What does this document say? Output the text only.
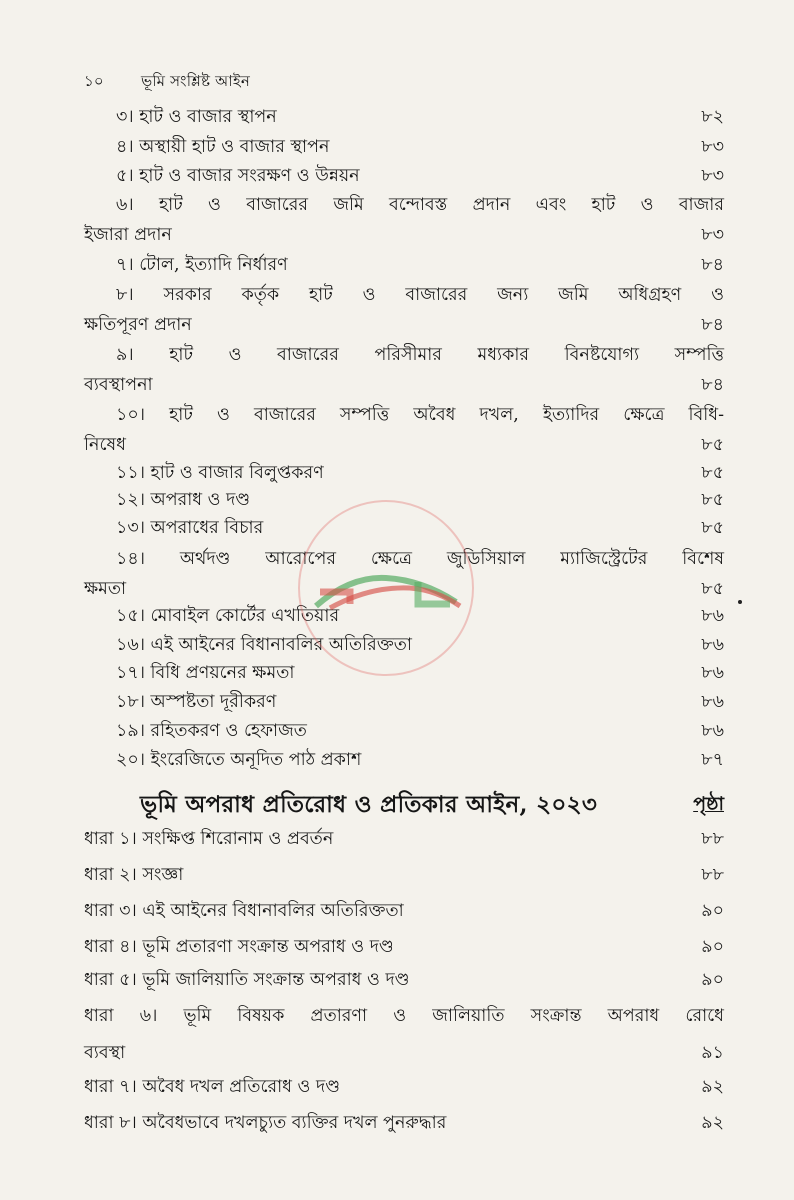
১০ ভূমি সংশ্লিষ্ট আইন
৩। হাট ও বাজার স্থাপন	৮২
৪। অস্থায়ী হাট ও বাজার স্থাপন	৮৩
৫। হাট ও বাজার সংরক্ষণ ও উন্নয়ন	৮৩
৬। হাট ও বাজারের জমি বন্দোবস্ত প্রদান এবং হাট ও বাজার
ইজারা প্রদান	৮৩
৭। টোল, ইত্যাদি নির্ধারণ	৮৪
৮। সরকার কর্তৃক হাট ও বাজারের জন্য জমি অধিগ্রহণ ও
ক্ষতিপূরণ প্রদান	৮৪
৯। হাট ও বাজারের পরিসীমার মধ্যকার বিনষ্টযোগ্য সম্পত্তি
ব্যবস্থাপনা	৮৪
১০। হাট ও বাজারের সম্পত্তি অবৈধ দখল, ইত্যাদির ক্ষেত্রে বিধি-
নিষেধ	৮৫
১১। হাট ও বাজার বিলুপ্তকরণ	৮৫
১২। অপরাধ ও দণ্ড	৮৫
১৩। অপরাধের বিচার	৮৫
১৪। অর্থদণ্ড আরোপের ক্ষেত্রে জুডিসিয়াল ম্যাজিস্ট্রেটের বিশেষ
ক্ষমতা	৮৫
১৫। মোবাইল কোর্টের এখতিয়ার	৮৬
১৬। এই আইনের বিধানাবলির অতিরিক্ততা	৮৬
১৭। বিধি প্রণয়নের ক্ষমতা	৮৬
১৮। অস্পষ্টতা দূরীকরণ	৮৬
১৯। রহিতকরণ ও হেফাজত	৮৬
২০। ইংরেজিতে অনূদিত পাঠ প্রকাশ	৮৭
ভূমি অপরাধ প্রতিরোধ ও প্রতিকার আইন, ২০২৩	পৃষ্ঠা
ধারা ১। সংক্ষিপ্ত শিরোনাম ও প্রবর্তন	৮৮
ধারা ২। সংজ্ঞা	৮৮
ধারা ৩। এই আইনের বিধানাবলির অতিরিক্ততা	৯০
ধারা ৪। ভূমি প্রতারণা সংক্রান্ত অপরাধ ও দণ্ড	৯০
ধারা ৫। ভূমি জালিয়াতি সংক্রান্ত অপরাধ ও দণ্ড	৯০
ধারা ৬। ভূমি বিষয়ক প্রতারণা ও জালিয়াতি সংক্রান্ত অপরাধ রোধে
ব্যবস্থা	৯১
ধারা ৭। অবৈধ দখল প্রতিরোধ ও দণ্ড	৯২
ধারা ৮। অবৈধভাবে দখলচ্যুত ব্যক্তির দখল পুনরুদ্ধার	৯২
